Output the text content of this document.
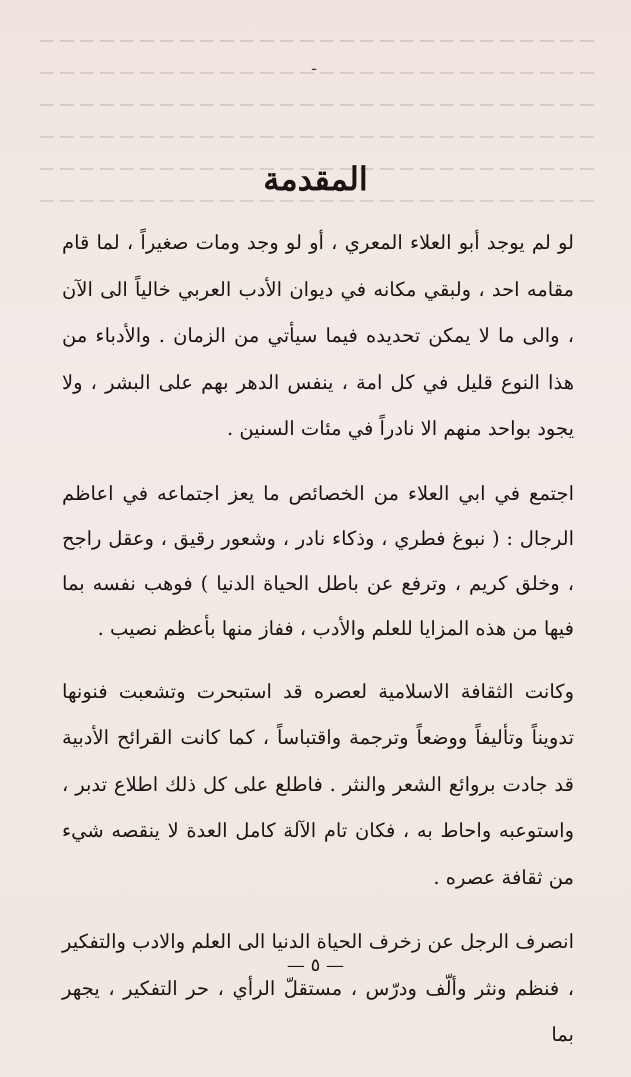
ـ
المقدمة

لو لم يوجد أبو العلاء المعري ، أو لو وجد ومات صغيراً ، لما قام مقامه احد ، ولبقي مكانه في ديوان الأدب العربي خالياً الى الآن ، والى ما لا يمكن تحديده فيما سيأتي من الزمان . والأدباء من هذا النوع قليل في كل امة ، ينفس الدهر بهم على البشر ، ولا يجود بواحد منهم الا نادراً في مئات السنين .

اجتمع في ابي العلاء من الخصائص ما يعز اجتماعه في اعاظم الرجال : ( نبوغ فطري ، وذكاء نادر ، وشعور رقيق ، وعقل راجح ، وخلق كريم ، وترفع عن باطل الحياة الدنيا ) فوهب نفسه بما فيها من هذه المزايا للعلم والأدب ، ففاز منها بأعظم نصيب .

وكانت الثقافة الاسلامية لعصره قد استبحرت وتشعبت فنونها تدويناً وتأليفاً ووضعاً وترجمة واقتباساً ، كما كانت القرائح الأدبية قد جادت بروائع الشعر والنثر . فاطلع على كل ذلك اطلاع تدبر ، واستوعبه واحاط به ، فكان تام الآلة كامل العدة لا ينقصه شيء من ثقافة عصره .

انصرف الرجل عن زخرف الحياة الدنيا الى العلم والادب والتفكير ، فنظم ونثر وألّف ودرّس ، مستقلّ الرأي ، حر التفكير ، يجهر بما

— ٥ —
